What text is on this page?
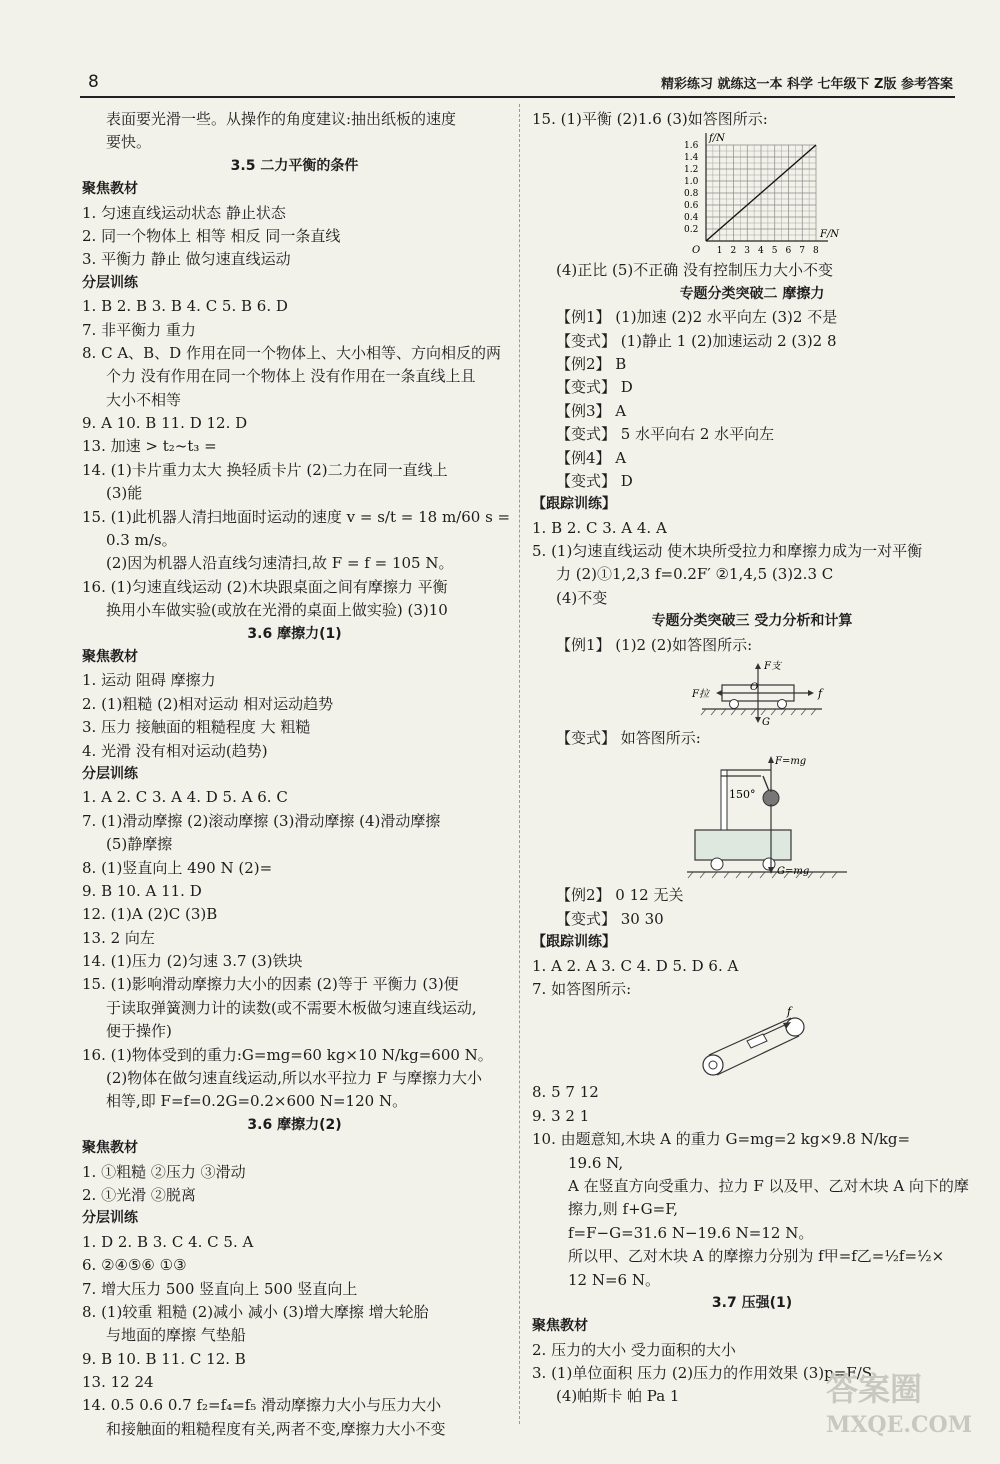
8	精彩练习 就练这一本 科学 七年级下 Z版 参考答案
表面要光滑一些。从操作的角度建议:抽出纸板的速度
要快。
3.5 二力平衡的条件
聚焦教材
1. 匀速直线运动状态 静止状态
2. 同一个物体上 相等 相反 同一条直线
3. 平衡力 静止 做匀速直线运动
分层训练
1. B 2. B 3. B 4. C 5. B 6. D
7. 非平衡力 重力
8. C A、B、D 作用在同一个物体上、大小相等、方向相反的两
个力 没有作用在同一个物体上 没有作用在一条直线上且
大小不相等
9. A 10. B 11. D 12. D
13. 加速 > t₂~t₃ =
14. (1)卡片重力太大 换轻质卡片 (2)二力在同一直线上
(3)能
15. (1)此机器人清扫地面时运动的速度 v = s/t = 18 m/60 s =
0.3 m/s。
(2)因为机器人沿直线匀速清扫,故 F = f = 105 N。
16. (1)匀速直线运动 (2)木块跟桌面之间有摩擦力 平衡
换用小车做实验(或放在光滑的桌面上做实验) (3)10
3.6 摩擦力(1)
聚焦教材
1. 运动 阻碍 摩擦力
2. (1)粗糙 (2)相对运动 相对运动趋势
3. 压力 接触面的粗糙程度 大 粗糙
4. 光滑 没有相对运动(趋势)
分层训练
1. A 2. C 3. A 4. D 5. A 6. C
7. (1)滑动摩擦 (2)滚动摩擦 (3)滑动摩擦 (4)滑动摩擦
(5)静摩擦
8. (1)竖直向上 490 N (2)=
9. B 10. A 11. D
12. (1)A (2)C (3)B
13. 2 向左
14. (1)压力 (2)匀速 3.7 (3)铁块
15. (1)影响滑动摩擦力大小的因素 (2)等于 平衡力 (3)便
于读取弹簧测力计的读数(或不需要木板做匀速直线运动,
便于操作)
16. (1)物体受到的重力:G=mg=60 kg×10 N/kg=600 N。
(2)物体在做匀速直线运动,所以水平拉力 F 与摩擦力大小
相等,即 F=f=0.2G=0.2×600 N=120 N。
3.6 摩擦力(2)
聚焦教材
1. ①粗糙 ②压力 ③滑动
2. ①光滑 ②脱离
分层训练
1. D 2. B 3. C 4. C 5. A
6. ②④⑤⑥ ①③
7. 增大压力 500 竖直向上 500 竖直向上
8. (1)较重 粗糙 (2)减小 减小 (3)增大摩擦 增大轮胎
与地面的摩擦 气垫船
9. B 10. B 11. C 12. B
13. 12 24
14. 0.5 0.6 0.7 f₂=f₄=f₅ 滑动摩擦力大小与压力大小
和接触面的粗糙程度有关,两者不变,摩擦力大小不变
15. (1)平衡 (2)1.6 (3)如答图所示:
1 2 3 4 5 6 7 8
0.2
0.4
0.6
0.8
1.0
1.2
1.4
1.6
O
F/N
f/N
(4)正比 (5)不正确 没有控制压力大小不变
专题分类突破二 摩擦力
【例1】 (1)加速 (2)2 水平向左 (3)2 不是
【变式】 (1)静止 1 (2)加速运动 2 (3)2 8
【例2】 B
【变式】 D
【例3】 A
【变式】 5 水平向右 2 水平向左
【例4】 A
【变式】 D
【跟踪训练】
1. B 2. C 3. A 4. A
5. (1)匀速直线运动 使木块所受拉力和摩擦力成为一对平衡
力 (2)①1,2,3 f=0.2F′ ②1,4,5 (3)2.3 C
(4)不变
专题分类突破三 受力分析和计算
【例1】 (1)2 (2)如答图所示:
F支
f
F拉
O
G
【变式】 如答图所示:
F=mg
150°
G=mg
【例2】 0 12 无关
【变式】 30 30
【跟踪训练】
1. A 2. A 3. C 4. D 5. D 6. A
7. 如答图所示:
f
8. 5 7 12
9. 3 2 1
10. 由题意知,木块 A 的重力 G=mg=2 kg×9.8 N/kg=
19.6 N,
A 在竖直方向受重力、拉力 F 以及甲、乙对木块 A 向下的摩
擦力,则 f+G=F,
f=F−G=31.6 N−19.6 N=12 N。
所以甲、乙对木块 A 的摩擦力分别为 f甲=f乙=½f=½×
12 N=6 N。
3.7 压强(1)
聚焦教材
2. 压力的大小 受力面积的大小
3. (1)单位面积 压力 (2)压力的作用效果 (3)p=F/S
(4)帕斯卡 帕 Pa 1	答案圈
MXQE.COM
